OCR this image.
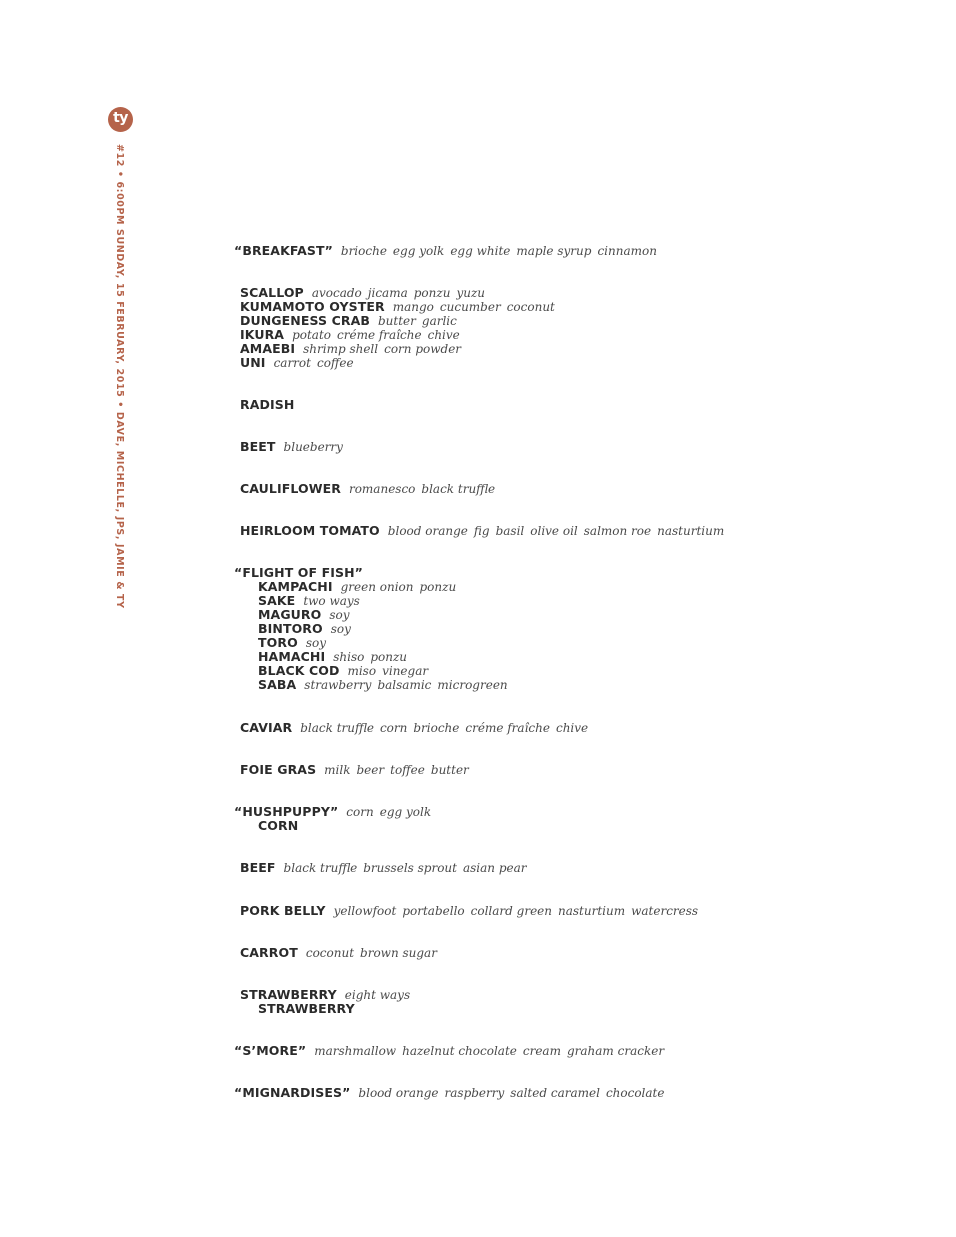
ty
#12 • 6:00PM SUNDAY, 15 FEBRUARY, 2015 • DAVE, MICHELLE, JPS, JAMIE & TY	“BREAKFAST” brioche egg yolk egg white maple syrup cinnamon
SCALLOP avocado jicama ponzu yuzu
KUMAMOTO OYSTER mango cucumber coconut
DUNGENESS CRAB butter garlic
IKURA potato créme fraîche chive
AMAEBI shrimp shell corn powder
UNI carrot coffee
RADISH
BEET blueberry
CAULIFLOWER romanesco black truffle
HEIRLOOM TOMATO blood orange fig basil olive oil salmon roe nasturtium
“FLIGHT OF FISH”
KAMPACHI green onion ponzu
SAKE two ways
MAGURO soy
BINTORO soy
TORO soy
HAMACHI shiso ponzu
BLACK COD miso vinegar
SABA strawberry balsamic microgreen
CAVIAR black truffle corn brioche créme fraîche chive
FOIE GRAS milk beer toffee butter
“HUSHPUPPY” corn egg yolk
CORN
BEEF black truffle brussels sprout asian pear
PORK BELLY yellowfoot portabello collard green nasturtium watercress
CARROT coconut brown sugar
STRAWBERRY eight ways
STRAWBERRY
“S’MORE” marshmallow hazelnut chocolate cream graham cracker
“MIGNARDISES” blood orange raspberry salted caramel chocolate
